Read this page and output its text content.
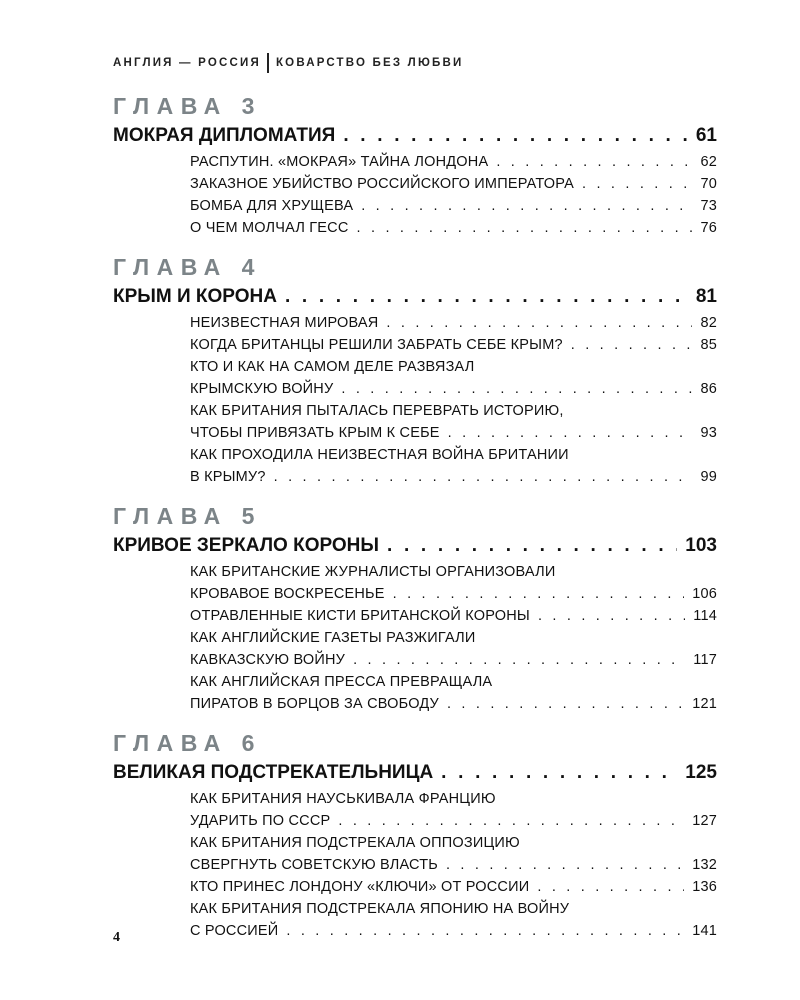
АНГЛИЯ — РОССИЯ КОВАРСТВО БЕЗ ЛЮБВИ
ГЛАВА 3
МОКРАЯ ДИПЛОМАТИЯ . . .	61
РАСПУТИН. «МОКРАЯ» ТАЙНА ЛОНДОНА . . .	62
ЗАКАЗНОЕ УБИЙСТВО РОССИЙСКОГО ИМПЕРАТОРА . . .	70
БОМБА ДЛЯ ХРУЩЕВА . . .	73
О ЧЕМ МОЛЧАЛ ГЕСС . . .	76
ГЛАВА 4
КРЫМ И КОРОНА . . .	81
НЕИЗВЕСТНАЯ МИРОВАЯ . . .	82
КОГДА БРИТАНЦЫ РЕШИЛИ ЗАБРАТЬ СЕБЕ КРЫМ? . . .	85
КТО И КАК НА САМОМ ДЕЛЕ РАЗВЯЗАЛ
КРЫМСКУЮ ВОЙНУ . . .	86
КАК БРИТАНИЯ ПЫТАЛАСЬ ПЕРЕВРАТЬ ИСТОРИЮ,
ЧТОБЫ ПРИВЯЗАТЬ КРЫМ К СЕБЕ . . .	93
КАК ПРОХОДИЛА НЕИЗВЕСТНАЯ ВОЙНА БРИТАНИИ
В КРЫМУ? . . .	99
ГЛАВА 5
КРИВОЕ ЗЕРКАЛО КОРОНЫ . . .	103
КАК БРИТАНСКИЕ ЖУРНАЛИСТЫ ОРГАНИЗОВАЛИ
КРОВАВОЕ ВОСКРЕСЕНЬЕ . . .	106
ОТРАВЛЕННЫЕ КИСТИ БРИТАНСКОЙ КОРОНЫ . . .	114
КАК АНГЛИЙСКИЕ ГАЗЕТЫ РАЗЖИГАЛИ
КАВКАЗСКУЮ ВОЙНУ . . .	117
КАК АНГЛИЙСКАЯ ПРЕССА ПРЕВРАЩАЛА
ПИРАТОВ В БОРЦОВ ЗА СВОБОДУ . . .	121
ГЛАВА 6
ВЕЛИКАЯ ПОДСТРЕКАТЕЛЬНИЦА . . .	125
КАК БРИТАНИЯ НАУСЬКИВАЛА ФРАНЦИЮ
УДАРИТЬ ПО СССР . . .	127
КАК БРИТАНИЯ ПОДСТРЕКАЛА ОППОЗИЦИЮ
СВЕРГНУТЬ СОВЕТСКУЮ ВЛАСТЬ . . .	132
КТО ПРИНЕС ЛОНДОНУ «КЛЮЧИ» ОТ РОССИИ . . .	136
КАК БРИТАНИЯ ПОДСТРЕКАЛА ЯПОНИЮ НА ВОЙНУ
С РОССИЕЙ . . .	141
4
